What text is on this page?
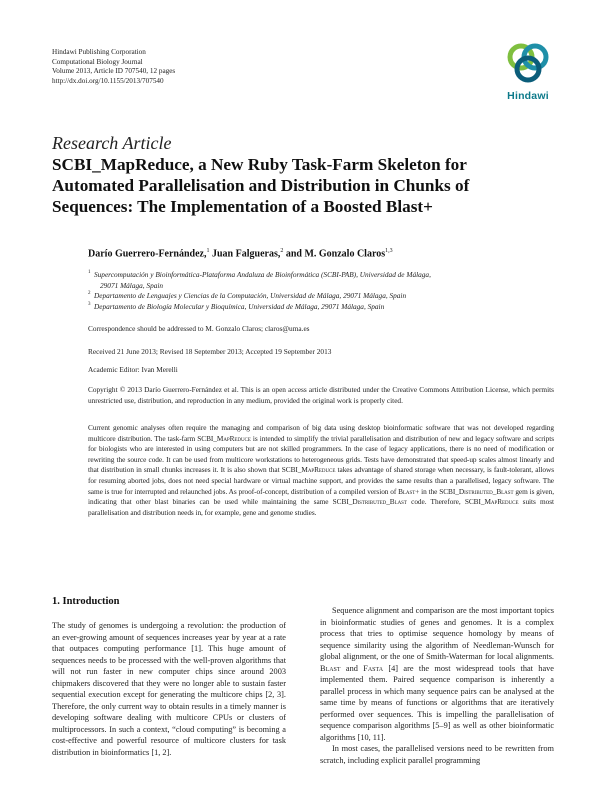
Hindawi Publishing Corporation
Computational Biology Journal
Volume 2013, Article ID 707540, 12 pages
http://dx.doi.org/10.1155/2013/707540
Hindawi
Research Article
SCBI_MapReduce, a New Ruby Task-Farm Skeleton for Automated Parallelisation and Distribution in Chunks of Sequences: The Implementation of a Boosted Blast+
Darío Guerrero-Fernández,$^1$ Juan Falgueras,$^2$ and M. Gonzalo Claros$^{1,3}$
1 Supercomputación y Bioinformática-Plataforma Andaluza de Bioinformática (SCBI-PAB), Universidad de Málaga,
29071 Málaga, Spain
2 Departamento de Lenguajes y Ciencias de la Computación, Universidad de Málaga, 29071 Málaga, Spain
3 Departamento de Biología Molecular y Bioquímica, Universidad de Málaga, 29071 Málaga, Spain
Correspondence should be addressed to M. Gonzalo Claros; claros@uma.es
Received 21 June 2013; Revised 18 September 2013; Accepted 19 September 2013
Academic Editor: Ivan Merelli
Copyright © 2013 Darío Guerrero-Fernández et al. This is an open access article distributed under the Creative Commons Attribution License, which permits unrestricted use, distribution, and reproduction in any medium, provided the original work is properly cited.
Current genomic analyses often require the managing and comparison of big data using desktop bioinformatic software that was not developed regarding multicore distribution. The task-farm SCBI_MapReduce is intended to simplify the trivial parallelisation and distribution of new and legacy software and scripts for biologists who are interested in using computers but are not skilled programmers. In the case of legacy applications, there is no need of modification or rewriting the source code. It can be used from multicore workstations to heterogeneous grids. Tests have demonstrated that speed-up scales almost linearly and that distribution in small chunks increases it. It is also shown that SCBI_MapReduce takes advantage of shared storage when necessary, is fault-tolerant, allows for resuming aborted jobs, does not need special hardware or virtual machine support, and provides the same results than a parallelised, legacy software. The same is true for interrupted and relaunched jobs. As proof-of-concept, distribution of a compiled version of Blast+ in the SCBI_Distributed_Blast gem is given, indicating that other blast binaries can be used while maintaining the same SCBI_Distributed_Blast code. Therefore, SCBI_MapReduce suits most parallelisation and distribution needs in, for example, gene and genome studies.
1. Introduction

The study of genomes is undergoing a revolution: the production of an ever-growing amount of sequences increases year by year at a rate that outpaces computing performance [1]. This huge amount of sequences needs to be processed with the well-proven algorithms that will not run faster in new computer chips since around 2003 chipmakers discovered that they were no longer able to sustain faster sequential execution except for generating the multicore chips [2, 3]. Therefore, the only current way to obtain results in a timely manner is developing software dealing with multicore CPUs or clusters of multiprocessors. In such a context, “cloud computing” is becoming a cost-effective and powerful resource of multicore clusters for task distribution in bioinformatics [1, 2].

Sequence alignment and comparison are the most important topics in bioinformatic studies of genes and genomes. It is a complex process that tries to optimise sequence homology by means of sequence similarity using the algorithm of Needleman-Wunsch for global alignment, or the one of Smith-Waterman for local alignments. Blast and Fasta [4] are the most widespread tools that have implemented them. Paired sequence comparison is inherently a parallel process in which many sequence pairs can be analysed at the same time by means of functions or algorithms that are iteratively performed over sequences. This is impelling the parallelisation of sequence comparison algorithms [5–9] as well as other bioinformatic algorithms [10, 11].

In most cases, the parallelised versions need to be rewritten from scratch, including explicit parallel programming
